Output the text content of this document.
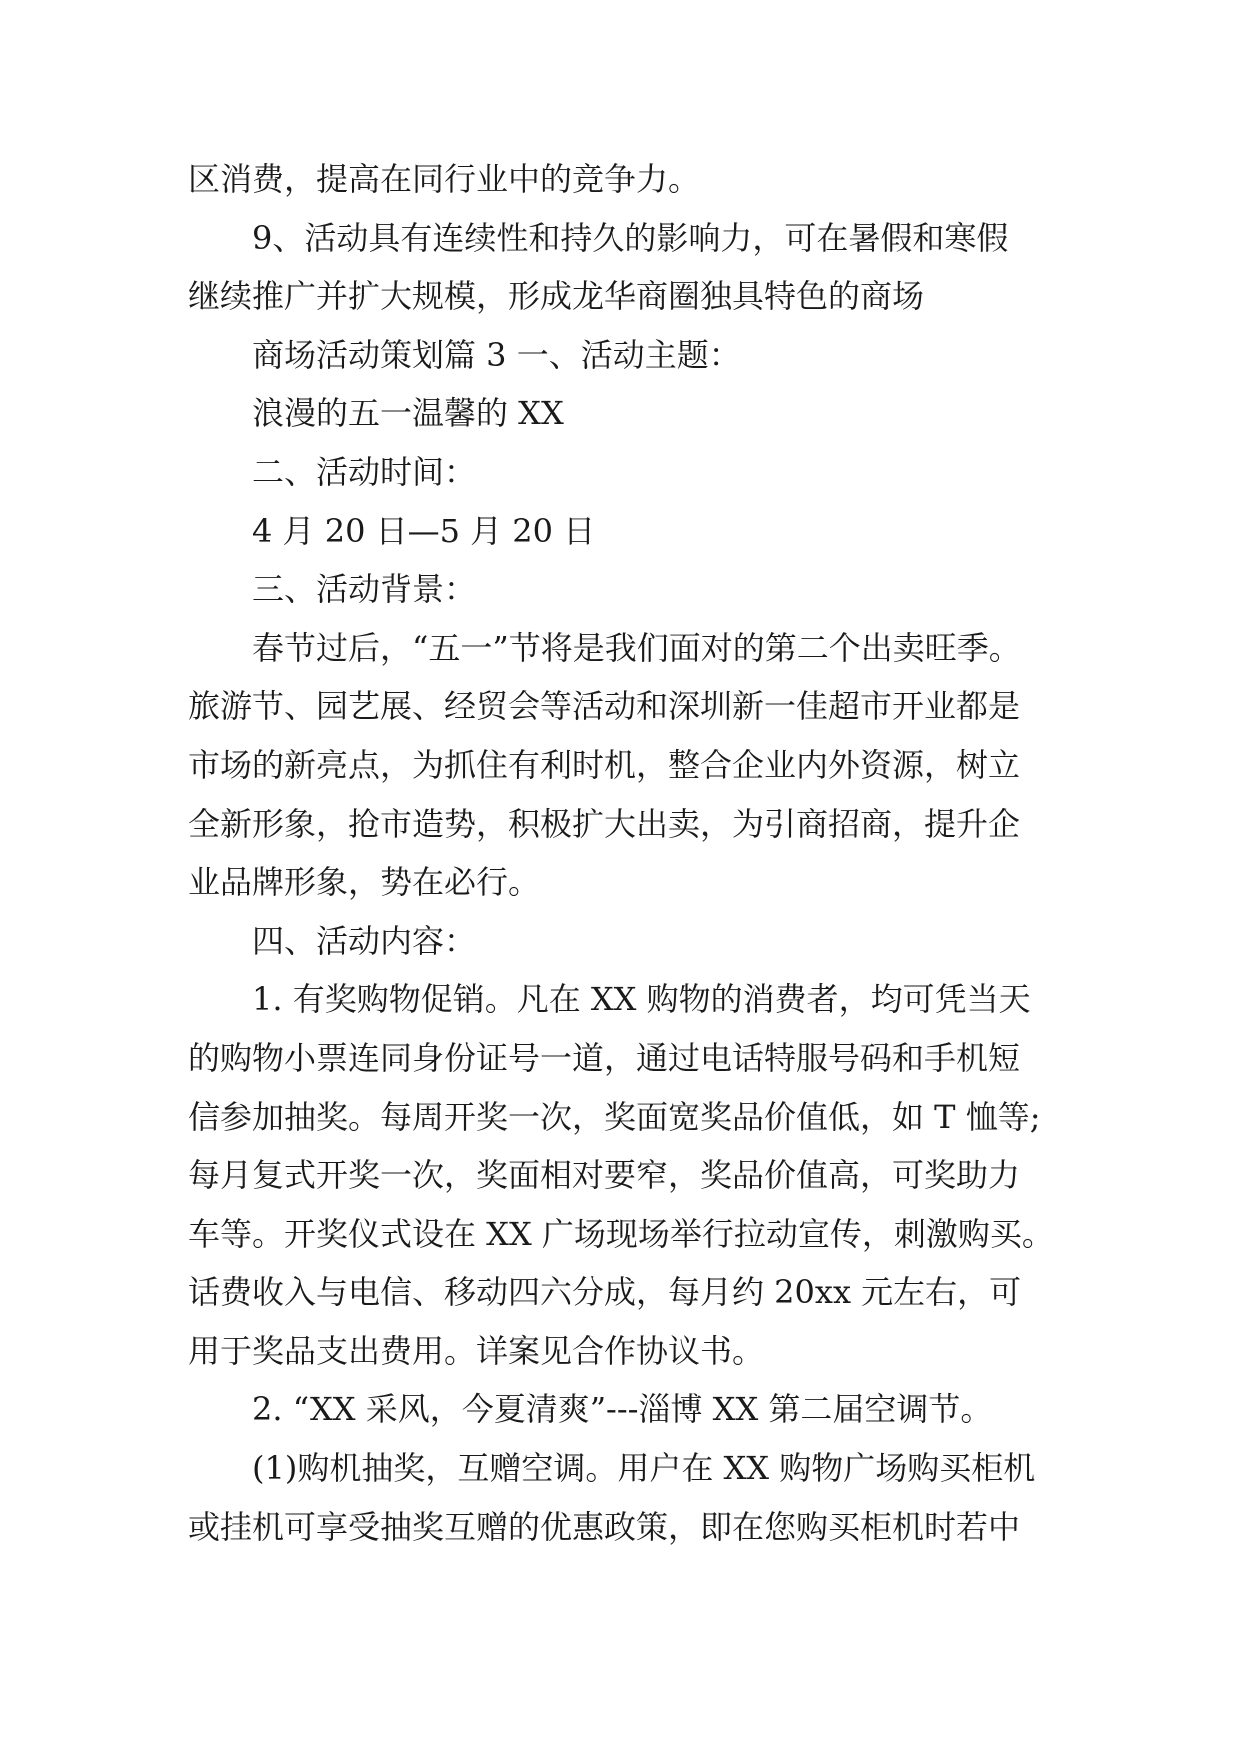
区消费，提高在同行业中的竞争力。
9、活动具有连续性和持久的影响力，可在暑假和寒假
继续推广并扩大规模，形成龙华商圈独具特色的商场
商场活动策划篇 3 一、活动主题：
浪漫的五一温馨的 XX
二、活动时间：
4 月 20 日—5 月 20 日
三、活动背景：
春节过后，“五一”节将是我们面对的第二个出卖旺季。
旅游节、园艺展、经贸会等活动和深圳新一佳超市开业都是
市场的新亮点，为抓住有利时机，整合企业内外资源，树立
全新形象，抢市造势，积极扩大出卖，为引商招商，提升企
业品牌形象，势在必行。
四、活动内容：
1. 有奖购物促销。凡在 XX 购物的消费者，均可凭当天
的购物小票连同身份证号一道，通过电话特服号码和手机短
信参加抽奖。每周开奖一次，奖面宽奖品价值低，如 T 恤等;
每月复式开奖一次，奖面相对要窄，奖品价值高，可奖助力
车等。开奖仪式设在 XX 广场现场举行拉动宣传，刺激购买。
话费收入与电信、移动四六分成，每月约 20xx 元左右，可
用于奖品支出费用。详案见合作协议书。
2. “XX 采风，今夏清爽”---淄博 XX 第二届空调节。
(1)购机抽奖，互赠空调。用户在 XX 购物广场购买柜机
或挂机可享受抽奖互赠的优惠政策，即在您购买柜机时若中
